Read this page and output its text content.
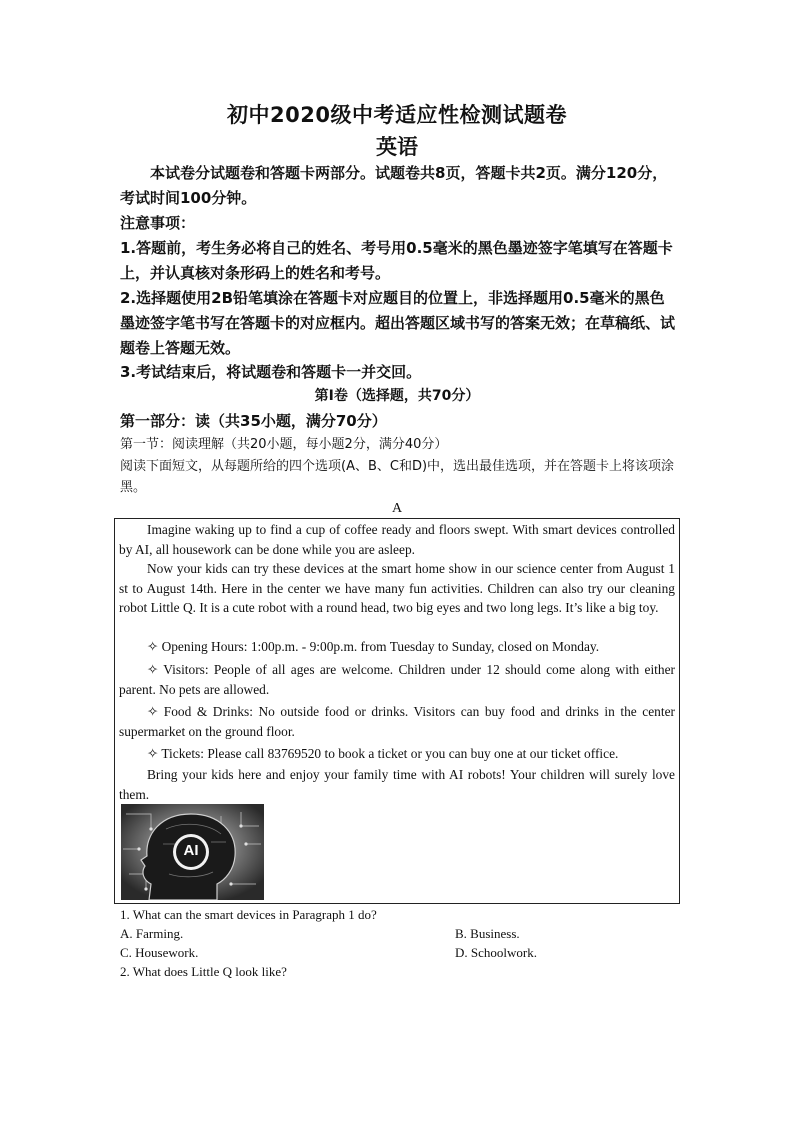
初中2020级中考适应性检测试题卷
英语
本试卷分试题卷和答题卡两部分。试题卷共8页，答题卡共2页。满分120分，考试时间100分钟。
注意事项：
1.答题前，考生务必将自己的姓名、考号用0.5毫米的黑色墨迹签字笔填写在答题卡上，并认真核对条形码上的姓名和考号。
2.选择题使用2B铅笔填涂在答题卡对应题目的位置上，非选择题用0.5毫米的黑色墨迹签字笔书写在答题卡的对应框内。超出答题区域书写的答案无效；在草稿纸、试题卷上答题无效。
3.考试结束后，将试题卷和答题卡一并交回。
第I卷（选择题，共70分）
第一部分：读（共35小题，满分70分）
第一节：阅读理解（共20小题，每小题2分，满分40分）
阅读下面短文，从每题所给的四个选项(A、B、C和D)中，选出最佳选项，并在答题卡上将该项涂黑。
A

Imagine waking up to find a cup of coffee ready and floors swept. With smart devices controlled by AI, all housework can be done while you are asleep.

Now your kids can try these devices at the smart home show in our science center from August 1 st to August 14th. Here in the center we have many fun activities. Children can also try our cleaning robot Little Q. It is a cute robot with a round head, two big eyes and two long legs. It’s like a big toy.

✧ Opening Hours: 1:00p.m. - 9:00p.m. from Tuesday to Sunday, closed on Monday.

✧ Visitors: People of all ages are welcome. Children under 12 should come along with either parent. No pets are allowed.

✧ Food & Drinks: No outside food or drinks. Visitors can buy food and drinks in the center supermarket on the ground floor.

✧ Tickets: Please call 83769520 to book a ticket or you can buy one at our ticket office.

Bring your kids here and enjoy your family time with AI robots! Your children will surely love them.

AI
1. What can the smart devices in Paragraph 1 do?
A. Farming.	B. Business.
C. Housework.	D. Schoolwork.
2. What does Little Q look like?
